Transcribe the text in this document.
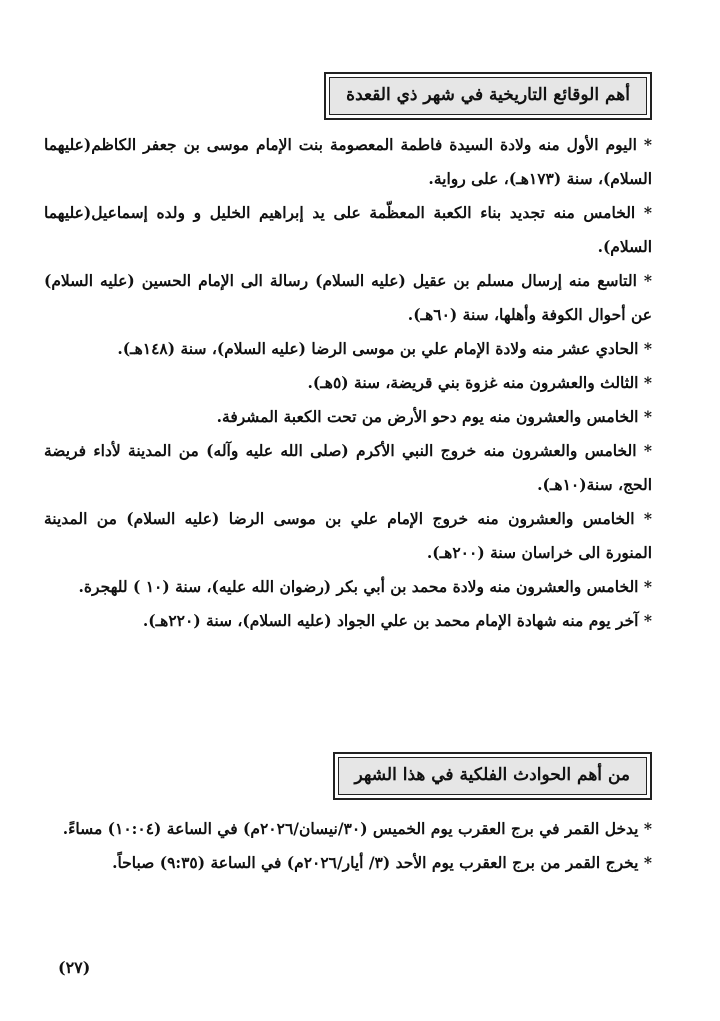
أهم الوقائع التاريخية في شهر ذي القعدة

* اليوم الأول منه ولادة السيدة فاطمة المعصومة بنت الإمام موسى بن جعفر الكاظم(عليهما السلام)، سنة (١٧٣هـ)، على رواية.

* الخامس منه تجديد بناء الكعبة المعظّمة على يد إبراهيم الخليل و ولده إسماعيل(عليهما السلام).

* التاسع منه إرسال مسلم بن عقيل (عليه السلام) رسالة الى الإمام الحسين (عليه السلام) عن أحوال الكوفة وأهلها، سنة (٦٠هـ).

* الحادي عشر منه ولادة الإمام علي بن موسى الرضا (عليه السلام)، سنة (١٤٨هـ).

* الثالث والعشرون منه غزوة بني قريضة، سنة (٥هـ).

* الخامس والعشرون منه يوم دحو الأرض من تحت الكعبة المشرفة.

* الخامس والعشرون منه خروج النبي الأكرم (صلى الله عليه وآله) من المدينة لأداء فريضة الحج، سنة(١٠هـ).

* الخامس والعشرون منه خروج الإمام علي بن موسى الرضا (عليه السلام) من المدينة المنورة الى خراسان سنة (٢٠٠هـ).

* الخامس والعشرون منه ولادة محمد بن أبي بكر (رضوان الله عليه)، سنة (١٠ ) للهجرة.

* آخر يوم منه شهادة الإمام محمد بن علي الجواد (عليه السلام)، سنة (٢٢٠هـ).

من أهم الحوادث الفلكية في هذا الشهر

* يدخل القمر في برج العقرب يوم الخميس (٣٠/نيسان/٢٠٢٦م) في الساعة (١٠:٠٤) مساءً.

* يخرج القمر من برج العقرب يوم الأحد (٣/ أيار/٢٠٢٦م) في الساعة (٩:٣٥) صباحاً.

(٢٧)
